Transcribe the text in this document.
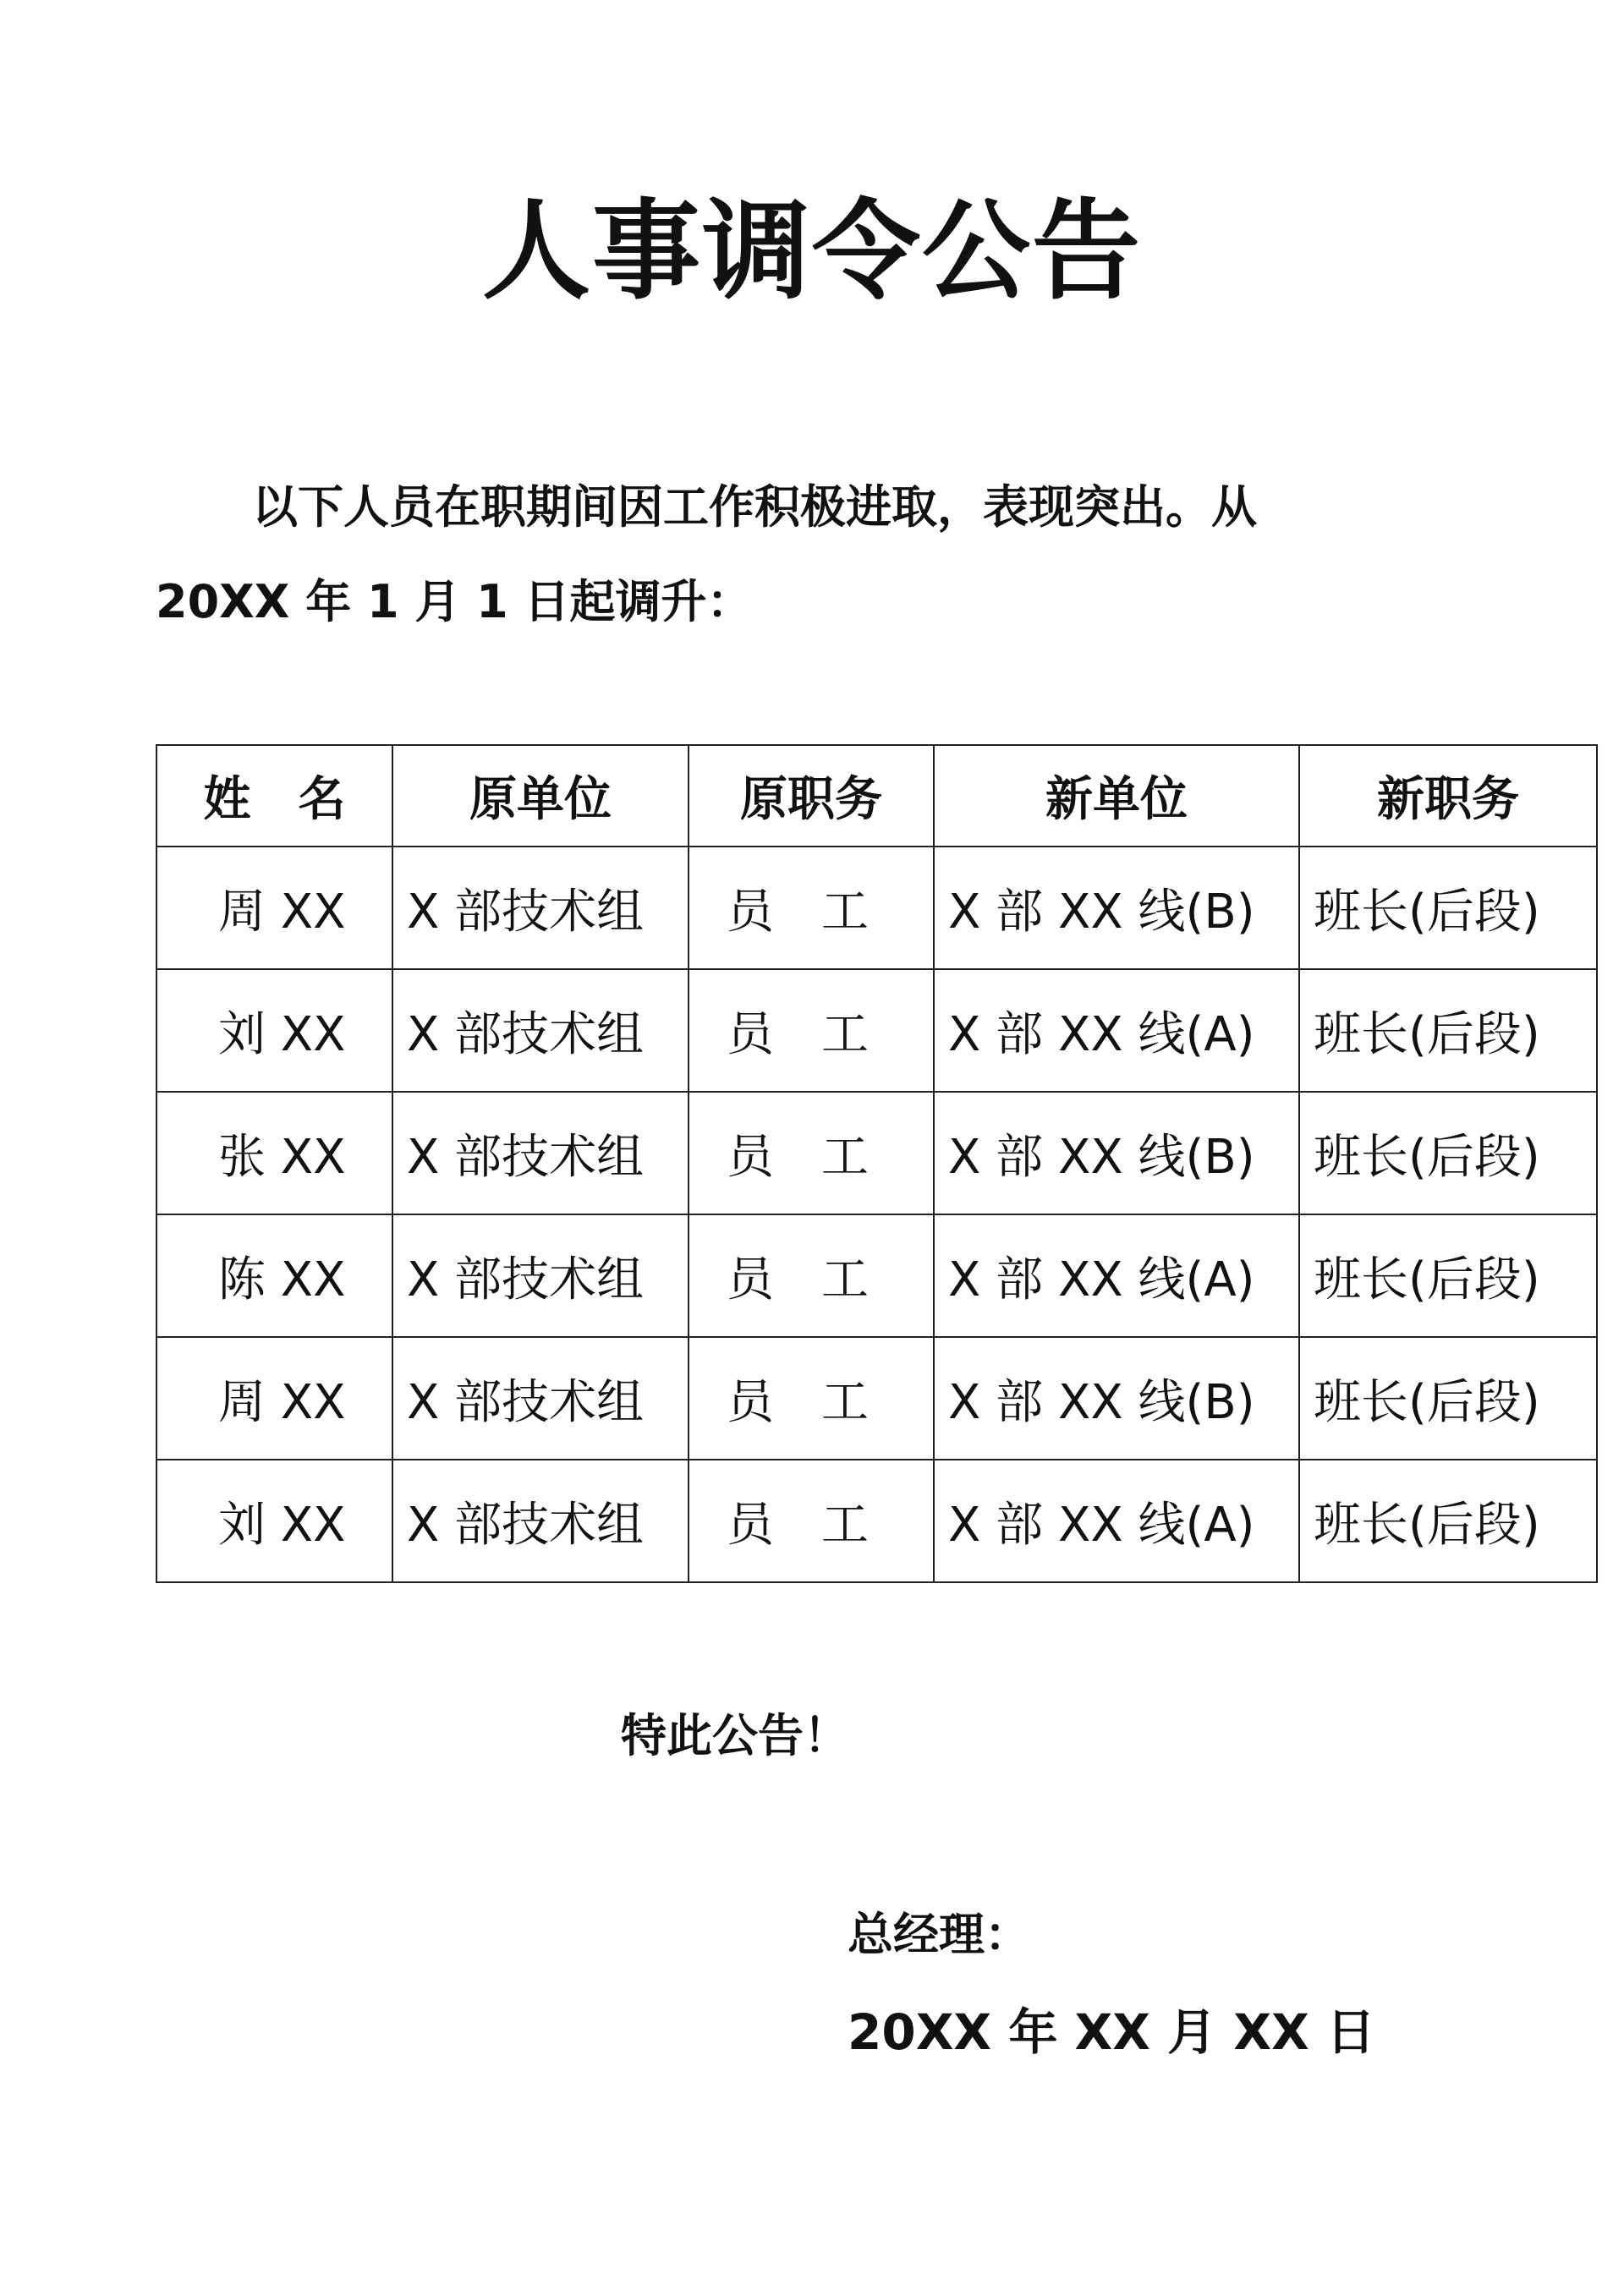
人事调令公告
以下人员在职期间因工作积极进取，表现突出。从
20XX 年 1 月 1 日起调升：
姓　名	原单位	原职务	新单位	新职务
周 XX	X 部技术组	员　工	X 部 XX 线(B)	班长(后段)
刘 XX	X 部技术组	员　工	X 部 XX 线(A)	班长(后段)
张 XX	X 部技术组	员　工	X 部 XX 线(B)	班长(后段)
陈 XX	X 部技术组	员　工	X 部 XX 线(A)	班长(后段)
周 XX	X 部技术组	员　工	X 部 XX 线(B)	班长(后段)
刘 XX	X 部技术组	员　工	X 部 XX 线(A)	班长(后段)
特此公告！
总经理：
20XX 年 XX 月 XX 日
